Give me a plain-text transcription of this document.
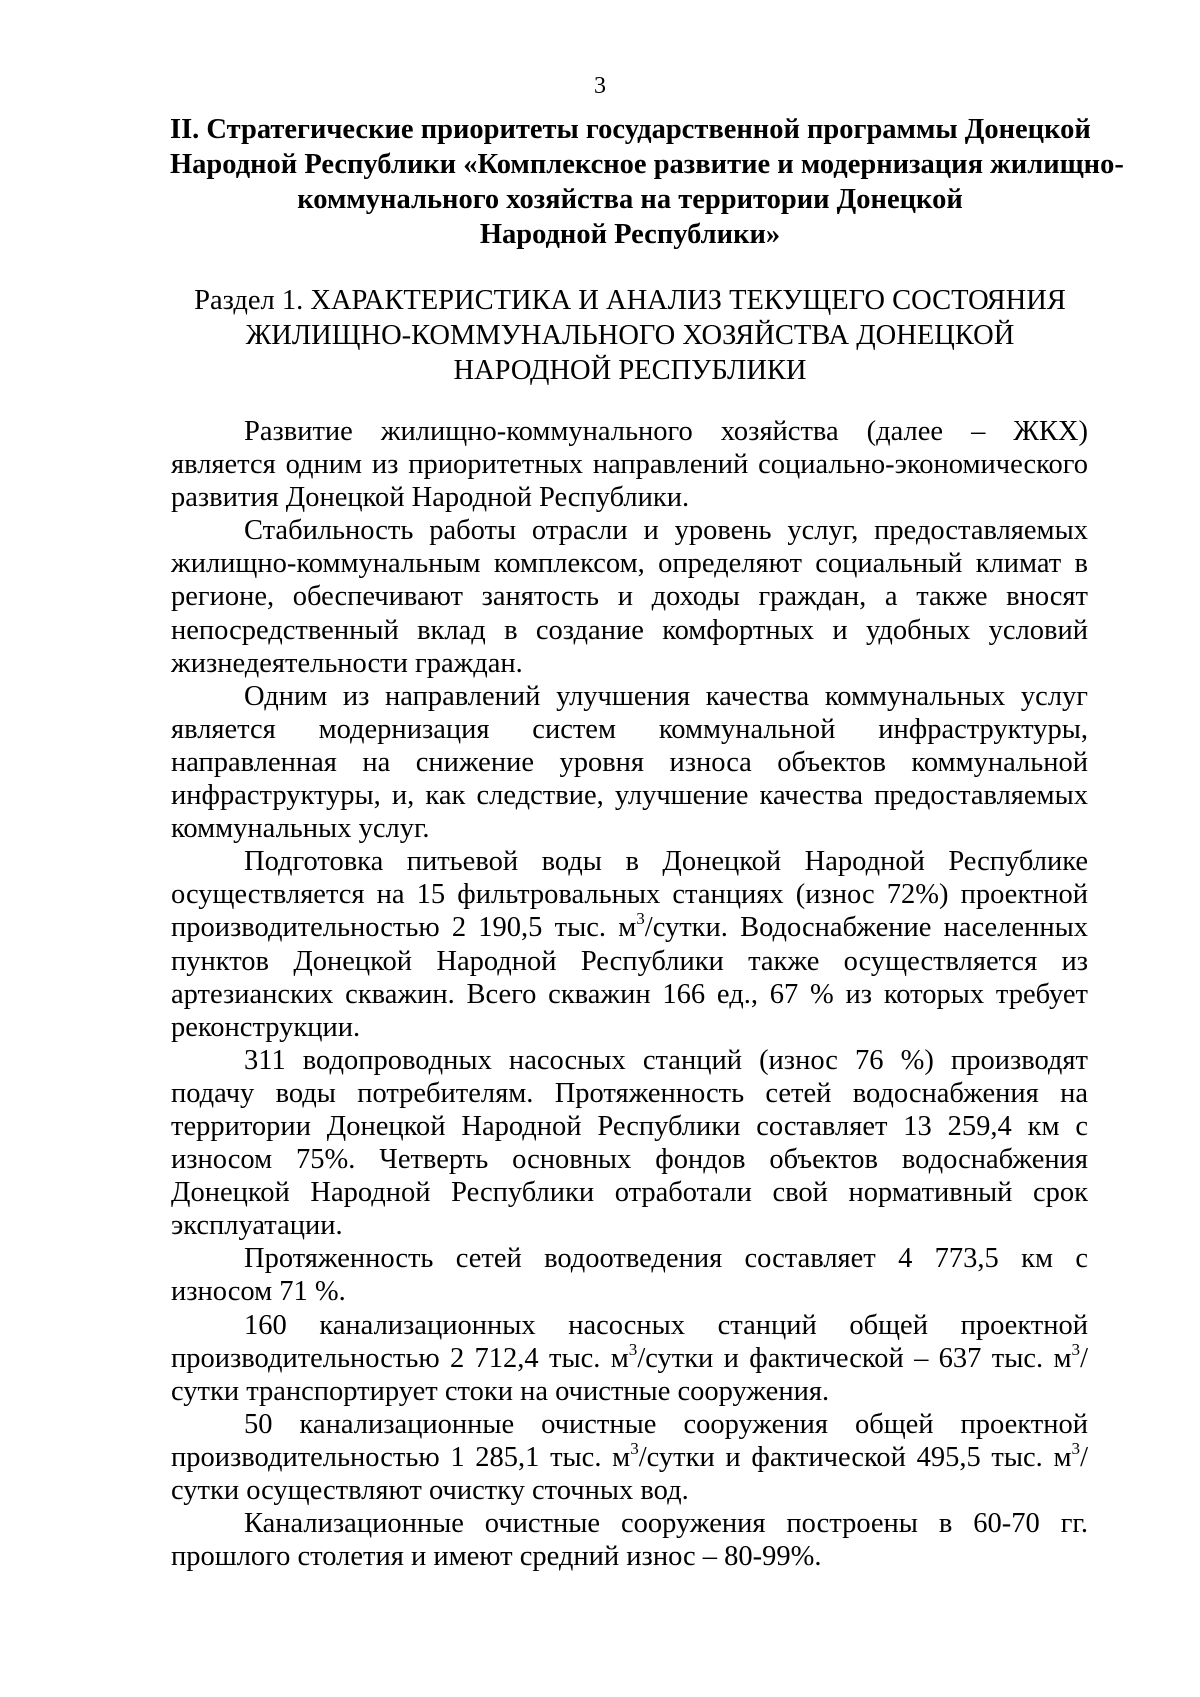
3
II. Стратегические приоритеты государственной программы Донецкой
Народной Республики «Комплексное развитие и модернизация жилищно-
коммунального хозяйства на территории Донецкой
Народной Республики»
Раздел 1. ХАРАКТЕРИСТИКА И АНАЛИЗ ТЕКУЩЕГО СОСТОЯНИЯ
ЖИЛИЩНО-КОММУНАЛЬНОГО ХОЗЯЙСТВА ДОНЕЦКОЙ
НАРОДНОЙ РЕСПУБЛИКИ

Развитие жилищно-коммунального хозяйства (далее – ЖКХ) является одним из приоритетных направлений социально-экономического развития Донецкой Народной Республики.

Стабильность работы отрасли и уровень услуг, предоставляемых жилищно-коммунальным комплексом, определяют социальный климат в регионе, обеспечивают занятость и доходы граждан, а также вносят непосредственный вклад в создание комфортных и удобных условий жизнедеятельности граждан.

Одним из направлений улучшения качества коммунальных услуг является модернизация систем коммунальной инфраструктуры, направленная на снижение уровня износа объектов коммунальной инфраструктуры, и, как следствие, улучшение качества предоставляемых коммунальных услуг.

Подготовка питьевой воды в Донецкой Народной Республике осуществляется на 15 фильтровальных станциях (износ 72%) проектной производительностью 2 190,5 тыс. $м^3$/сутки. Водоснабжение населенных пунктов Донецкой Народной Республики также осуществляется из артезианских скважин. Всего скважин 166 ед., 67 % из которых требует реконструкции.

311 водопроводных насосных станций (износ 76 %) производят подачу воды потребителям. Протяженность сетей водоснабжения на территории Донецкой Народной Республики составляет 13 259,4 км с износом 75%. Четверть основных фондов объектов водоснабжения Донецкой Народной Республики отработали свой нормативный срок эксплуатации.

Протяженность сетей водоотведения составляет 4 773,5 км с износом 71 %.

160 канализационных насосных станций общей проектной производительностью 2 712,4 тыс. $м^3$/сутки и фактической – 637 тыс. $м^3$/сутки транспортирует стоки на очистные сооружения.

50 канализационные очистные сооружения общей проектной производительностью 1 285,1 тыс. $м^3$/сутки и фактической 495,5 тыс. $м^3$/сутки осуществляют очистку сточных вод.

Канализационные очистные сооружения построены в 60-70 гг. прошлого столетия и имеют средний износ – 80-99%.
